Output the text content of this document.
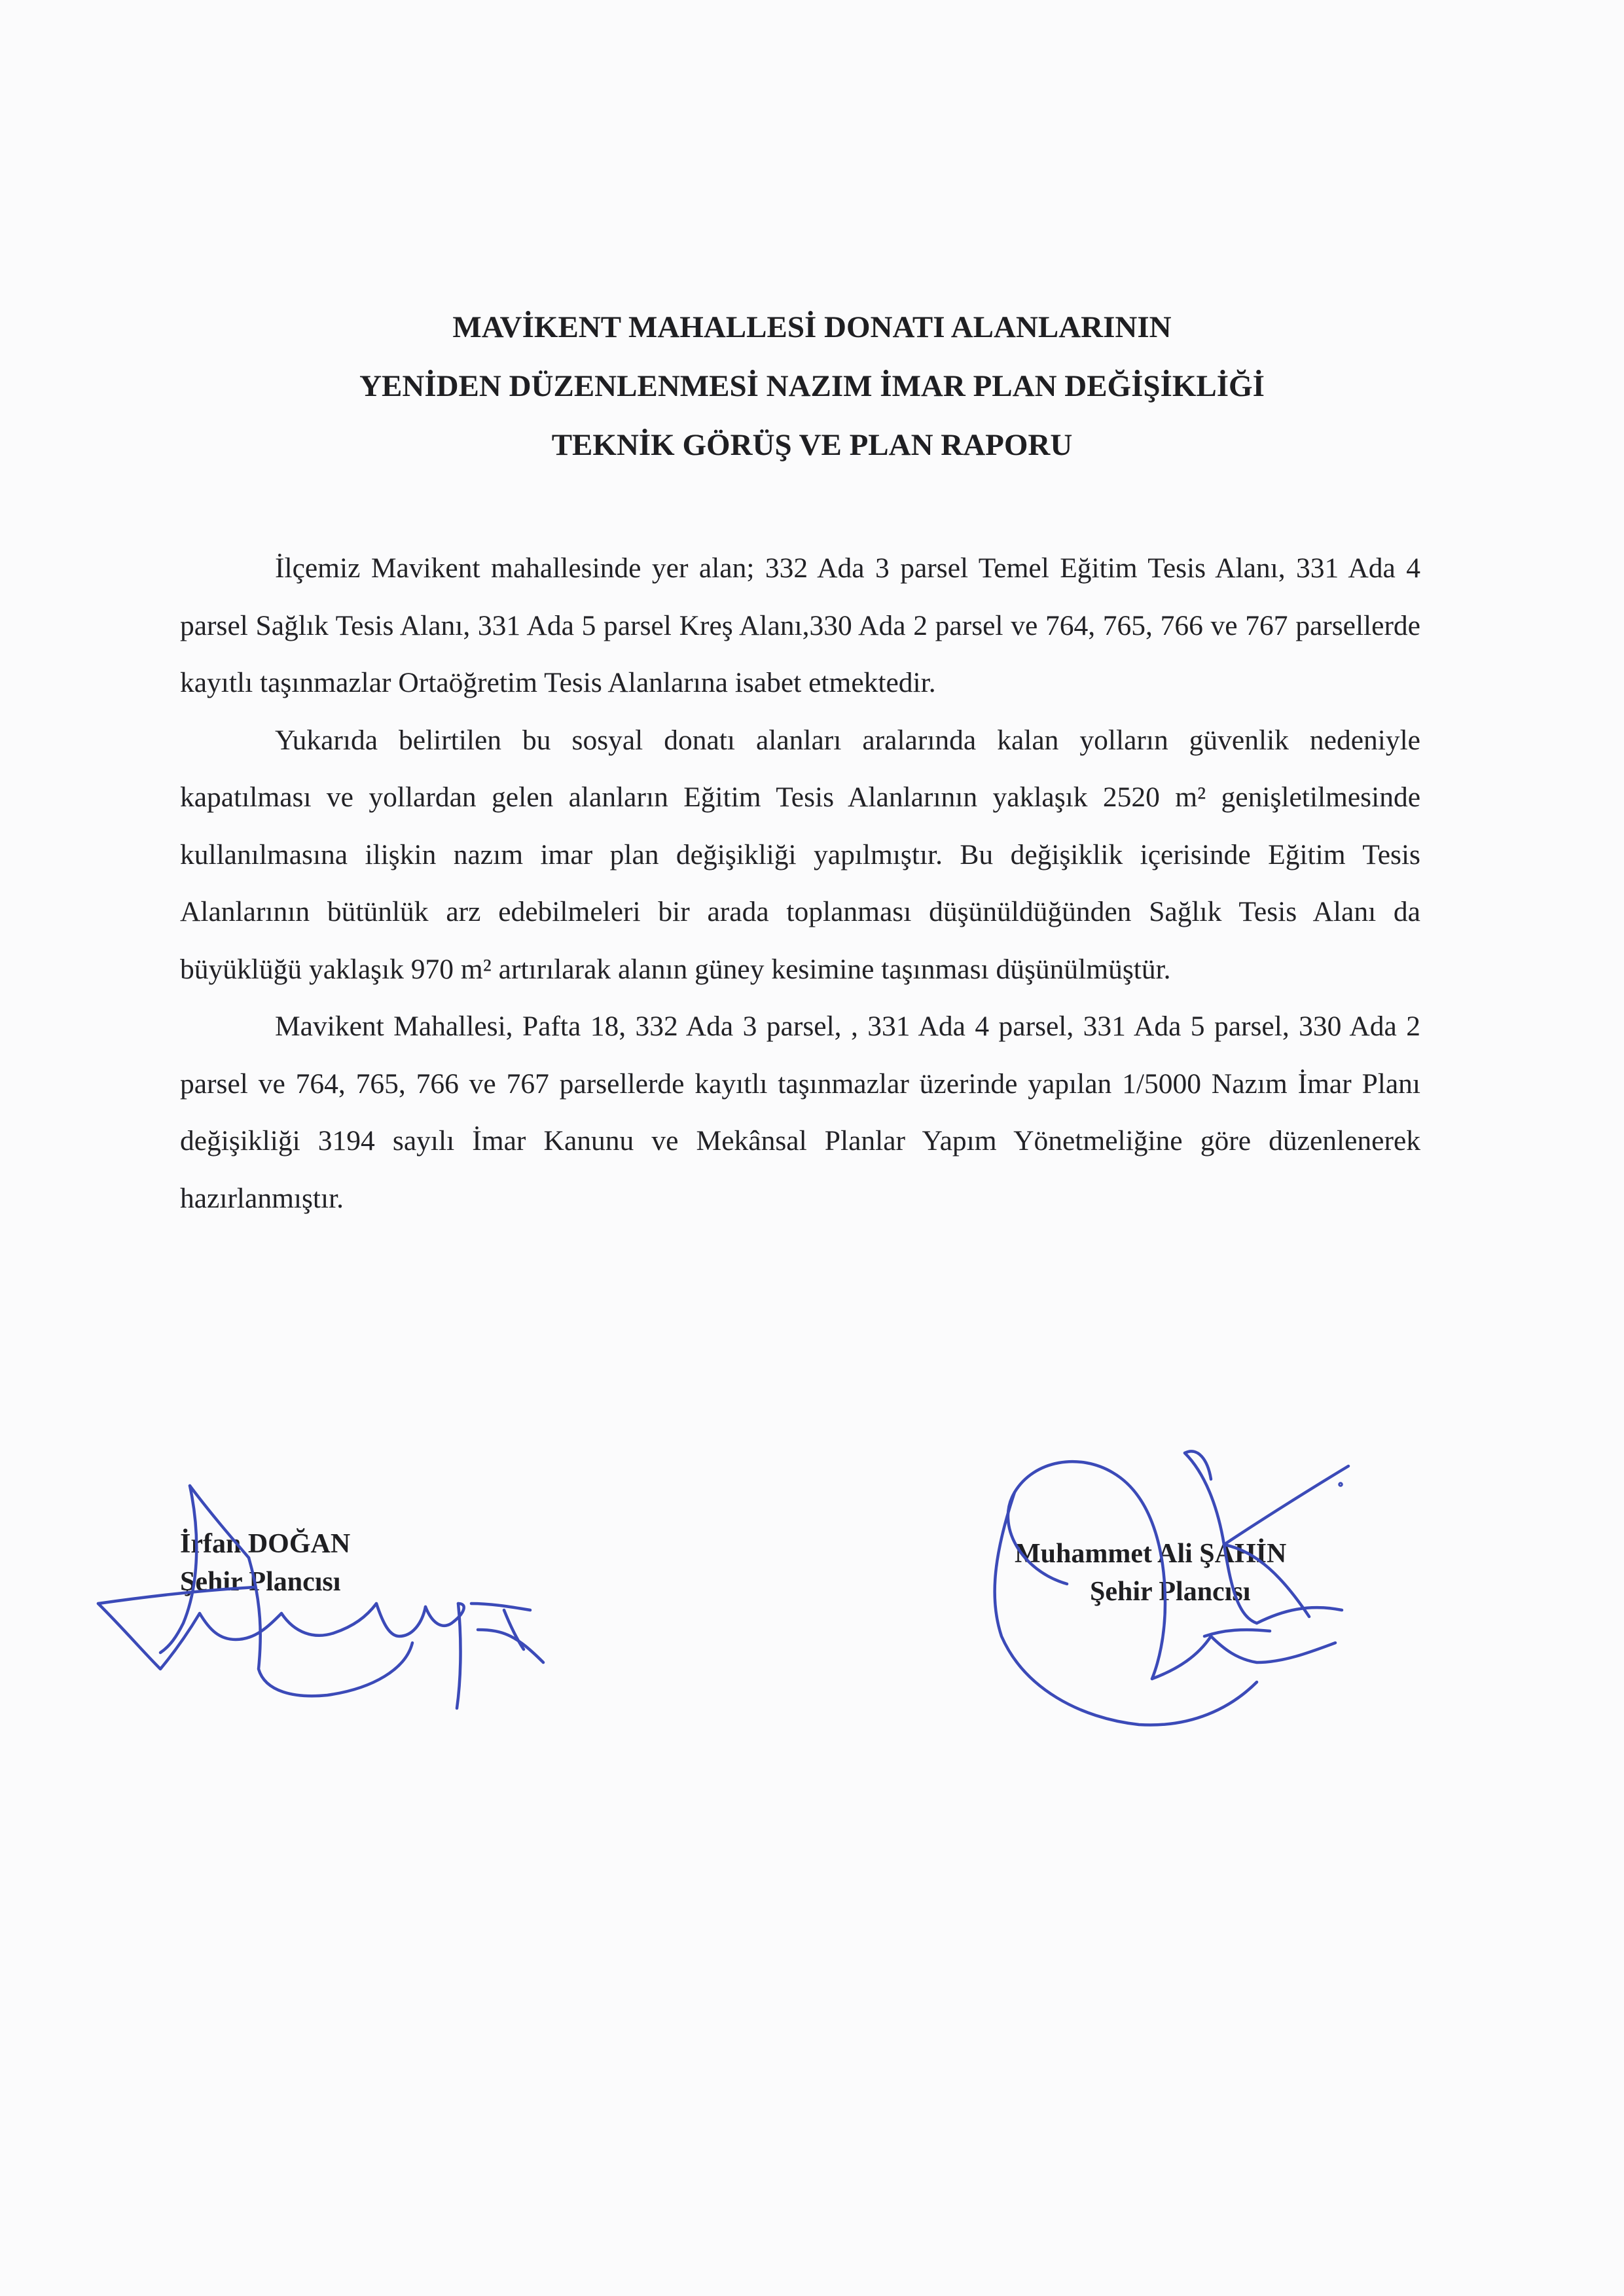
MAVİKENT MAHALLESİ DONATI ALANLARININ
YENİDEN DÜZENLENMESİ NAZIM İMAR PLAN DEĞİŞİKLİĞİ
TEKNİK GÖRÜŞ VE PLAN RAPORU

İlçemiz Mavikent mahallesinde yer alan; 332 Ada 3 parsel Temel Eğitim Tesis Alanı, 331 Ada 4 parsel Sağlık Tesis Alanı, 331 Ada 5 parsel Kreş Alanı,330 Ada 2 parsel ve 764, 765, 766 ve 767 parsellerde kayıtlı taşınmazlar Ortaöğretim Tesis Alanlarına isabet etmektedir.

Yukarıda belirtilen bu sosyal donatı alanları aralarında kalan yolların güvenlik nedeniyle kapatılması ve yollardan gelen alanların Eğitim Tesis Alanlarının yaklaşık 2520 m² genişletilmesinde kullanılmasına ilişkin nazım imar plan değişikliği yapılmıştır. Bu değişiklik içerisinde Eğitim Tesis Alanlarının bütünlük arz edebilmeleri bir arada toplanması düşünüldüğünden Sağlık Tesis Alanı da büyüklüğü yaklaşık 970 m² artırılarak alanın güney kesimine taşınması düşünülmüştür.

Mavikent Mahallesi, Pafta 18, 332 Ada 3 parsel, , 331 Ada 4 parsel, 331 Ada 5 parsel, 330 Ada 2 parsel ve 764, 765, 766 ve 767 parsellerde kayıtlı taşınmazlar üzerinde yapılan 1/5000 Nazım İmar Planı değişikliği 3194 sayılı İmar Kanunu ve Mekânsal Planlar Yapım Yönetmeliğine göre düzenlenerek hazırlanmıştır.

İrfan DOĞAN
Şehir Plancısı
Muhammet Ali ŞAHİN
Şehir Plancısı
